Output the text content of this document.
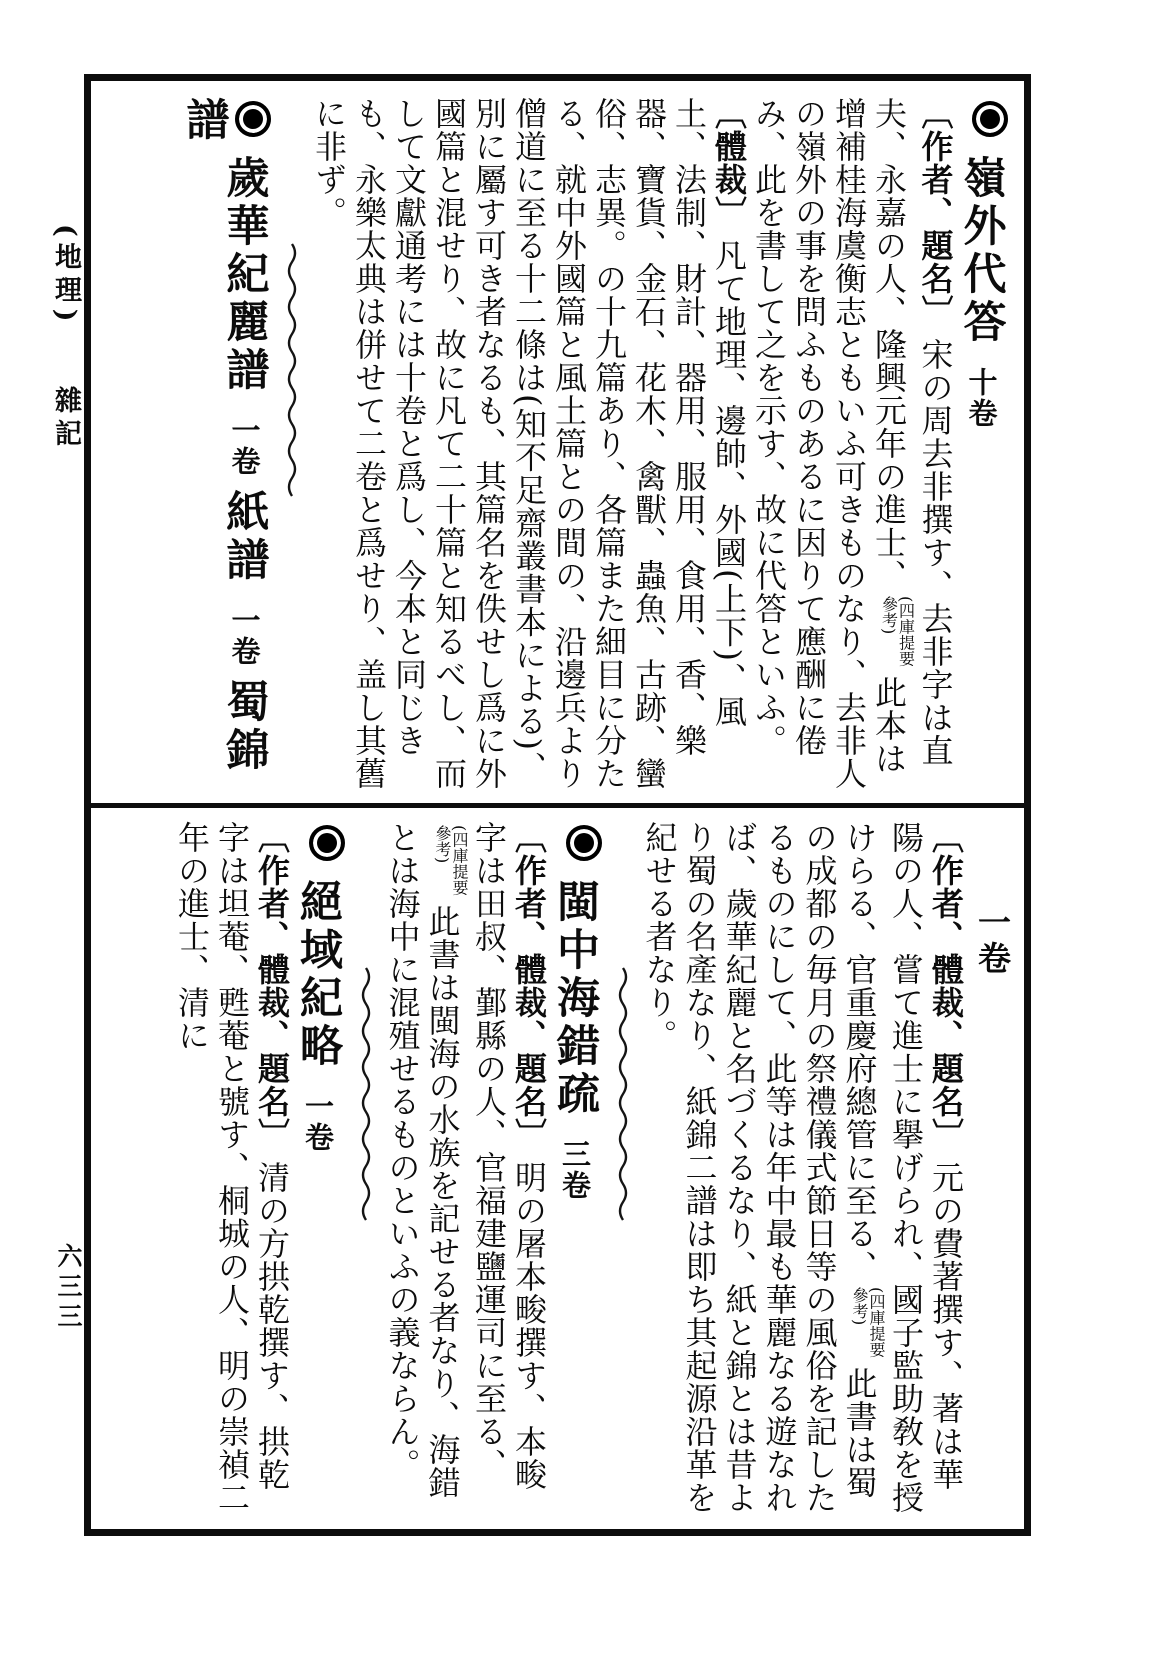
(地理)雜記
六三三
嶺外代答十卷
〔作者、題名〕宋の周去非撰す、去非字は直夫、永嘉の人、隆興元年の進士、(四庫提要參考)此本は增補桂海虞衡志ともいふ可きものなり、去非人の嶺外の事を問ふものあるに因りて應酬に倦み、此を書して之を示す、故に代答といふ。
〔體裁〕凡て地理、邊帥、外國(上下)、風土、法制、財計、器用、服用、食用、香、樂器、寶貨、金石、花木、禽獸、蟲魚、古跡、蠻俗、志異。の十九篇あり、各篇また細目に分たる、就中外國篇と風土篇との間の、沿邊兵より僧道に至る十二條は(知不足齋叢書本による)、別に屬す可き者なるも、其篇名を佚せし爲に外國篇と混せり、故に凡て二十篇と知るべし、而して文獻通考には十卷と爲し、今本と同じきも、永樂太典は併せて二卷と爲せり、盖し其舊に非ず。
歲華紀麗譜一卷紙譜一卷蜀錦譜
一卷
〔作者、體裁、題名〕元の費著撰す、著は華陽の人、嘗て進士に擧げられ、國子監助敎を授けらる、官重慶府總管に至る、(四庫提要參考)此書は蜀の成都の毎月の祭禮儀式節日等の風俗を記したるものにして、此等は年中最も華麗なる遊なれば、歲華紀麗と名づくるなり、紙と錦とは昔より蜀の名產なり、紙錦二譜は即ち其起源沿革を紀せる者なり。
閩中海錯疏三卷
〔作者、體裁、題名〕明の屠本畯撰す、本畯字は田叔、鄞縣の人、官福建鹽運司に至る、(四庫提要參考)此書は閩海の水族を記せる者なり、海錯とは海中に混殖せるものといふの義ならん。
絕域紀略一卷
〔作者、體裁、題名〕清の方拱乾撰す、拱乾字は坦菴、甦菴と號す、桐城の人、明の崇禎二年の進士、清に
